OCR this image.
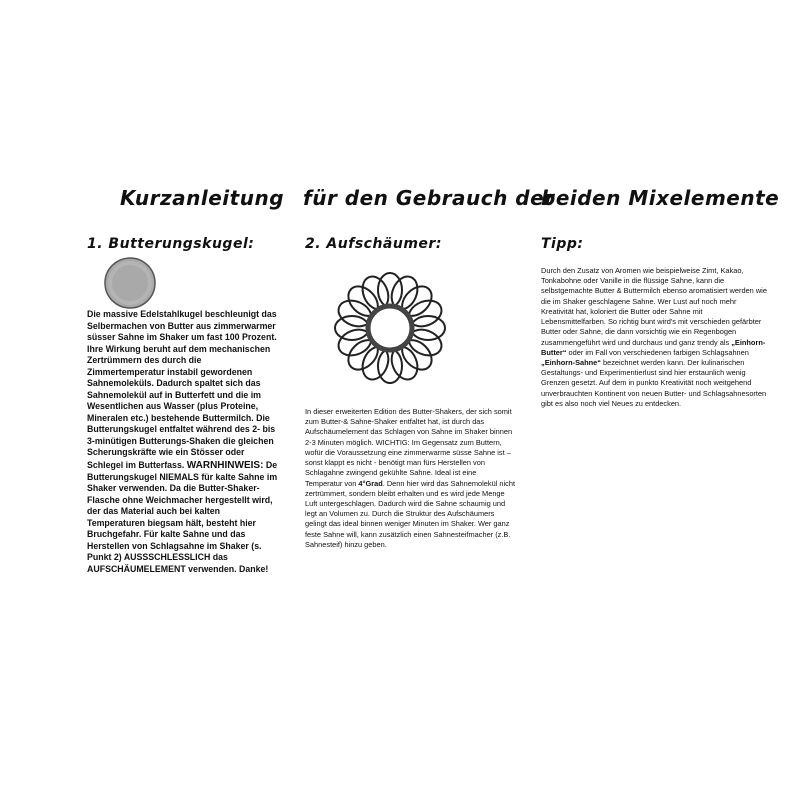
Kurzanleitung für den Gebrauch der
beiden Mixelemente
1. Butterungskugel:

Die massive Edelstahlkugel beschleunigt das Selbermachen von Butter aus zimmerwarmer süsser Sahne im Shaker um fast 100 Prozent. Ihre Wirkung beruht auf dem mechanischen Zertrümmern des durch die Zimmertemperatur instabil gewordenen Sahnemoleküls. Dadurch spaltet sich das Sahnemolekül auf in Butterfett und die im Wesentlichen aus Wasser (plus Proteine, Mineralen etc.) bestehende Buttermilch. Die Butterungskugel entfaltet während des 2- bis 3-minütigen Butterungs-Shaken die gleichen Scherungskräfte wie ein Stösser oder Schlegel im Butterfass. WARNHINWEIS: De Butterungskugel NIEMALS für kalte Sahne im Shaker verwenden. Da die Butter-Shaker-Flasche ohne Weichmacher hergestellt wird, der das Material auch bei kalten Temperaturen biegsam hält, besteht hier Bruchgefahr. Für kalte Sahne und das Herstellen von Schlagsahne im Shaker (s. Punkt 2) AUSSSCHLESSLICH das AUFSCHÄUMELEMENT verwenden. Danke!

2. Aufschäumer:

In dieser erweiterten Edition des Butter-Shakers, der sich somit zum Butter-& Sahne-Shaker entfaltet hat, ist durch das Aufschäumelement das Schlagen von Sahne im Shaker binnen 2-3 Minuten möglich. WICHTIG: Im Gegensatz zum Buttern, wofür die Voraussetzung eine zimmerwarme süsse Sahne ist – sonst klappt es nicht - benötigt man fürs Herstellen von Schlagahne zwingend gekühlte Sahne. Ideal ist eine Temperatur von 4°Grad. Denn hier wird das Sahnemolekül nicht zertrümmert, sondern bleibt erhalten und es wird jede Menge Luft untergeschlagen. Dadurch wird die Sahne schaumig und legt an Volumen zu. Durch die Struktur des Aufschäumers gelingt das ideal binnen weniger Minuten im Shaker. Wer ganz feste Sahne will, kann zusätzlich einen Sahnesteifmacher (z.B. Sahnesteif) hinzu geben.

Tipp:

Durch den Zusatz von Aromen wie beispielweise Zimt, Kakao, Tonkabohne oder Vanille in die flüssige Sahne, kann die selbstgemachte Butter & Buttermilch ebenso aromatisiert werden wie die im Shaker geschlagene Sahne. Wer Lust auf noch mehr Kreativität hat, koloriert die Butter oder Sahne mit Lebensmittelfarben. So richtig bunt wird's mit verschieden gefärbter Butter oder Sahne, die dann vorsichtig wie ein Regenbogen zusammengeführt wird und durchaus und ganz trendy als „Einhorn-Butter“ oder im Fall von verschiedenen farbigen Schlagsahnen „Einhorn-Sahne“ bezeichnet werden kann. Der kulinarischen Gestaltungs- und Experimentierlust sind hier erstaunlich wenig Grenzen gesetzt. Auf dem in punkto Kreativität noch weitgehend unverbrauchten Kontinent von neuen Butter- und Schlagsahnesorten gibt es also noch viel Neues zu entdecken.
